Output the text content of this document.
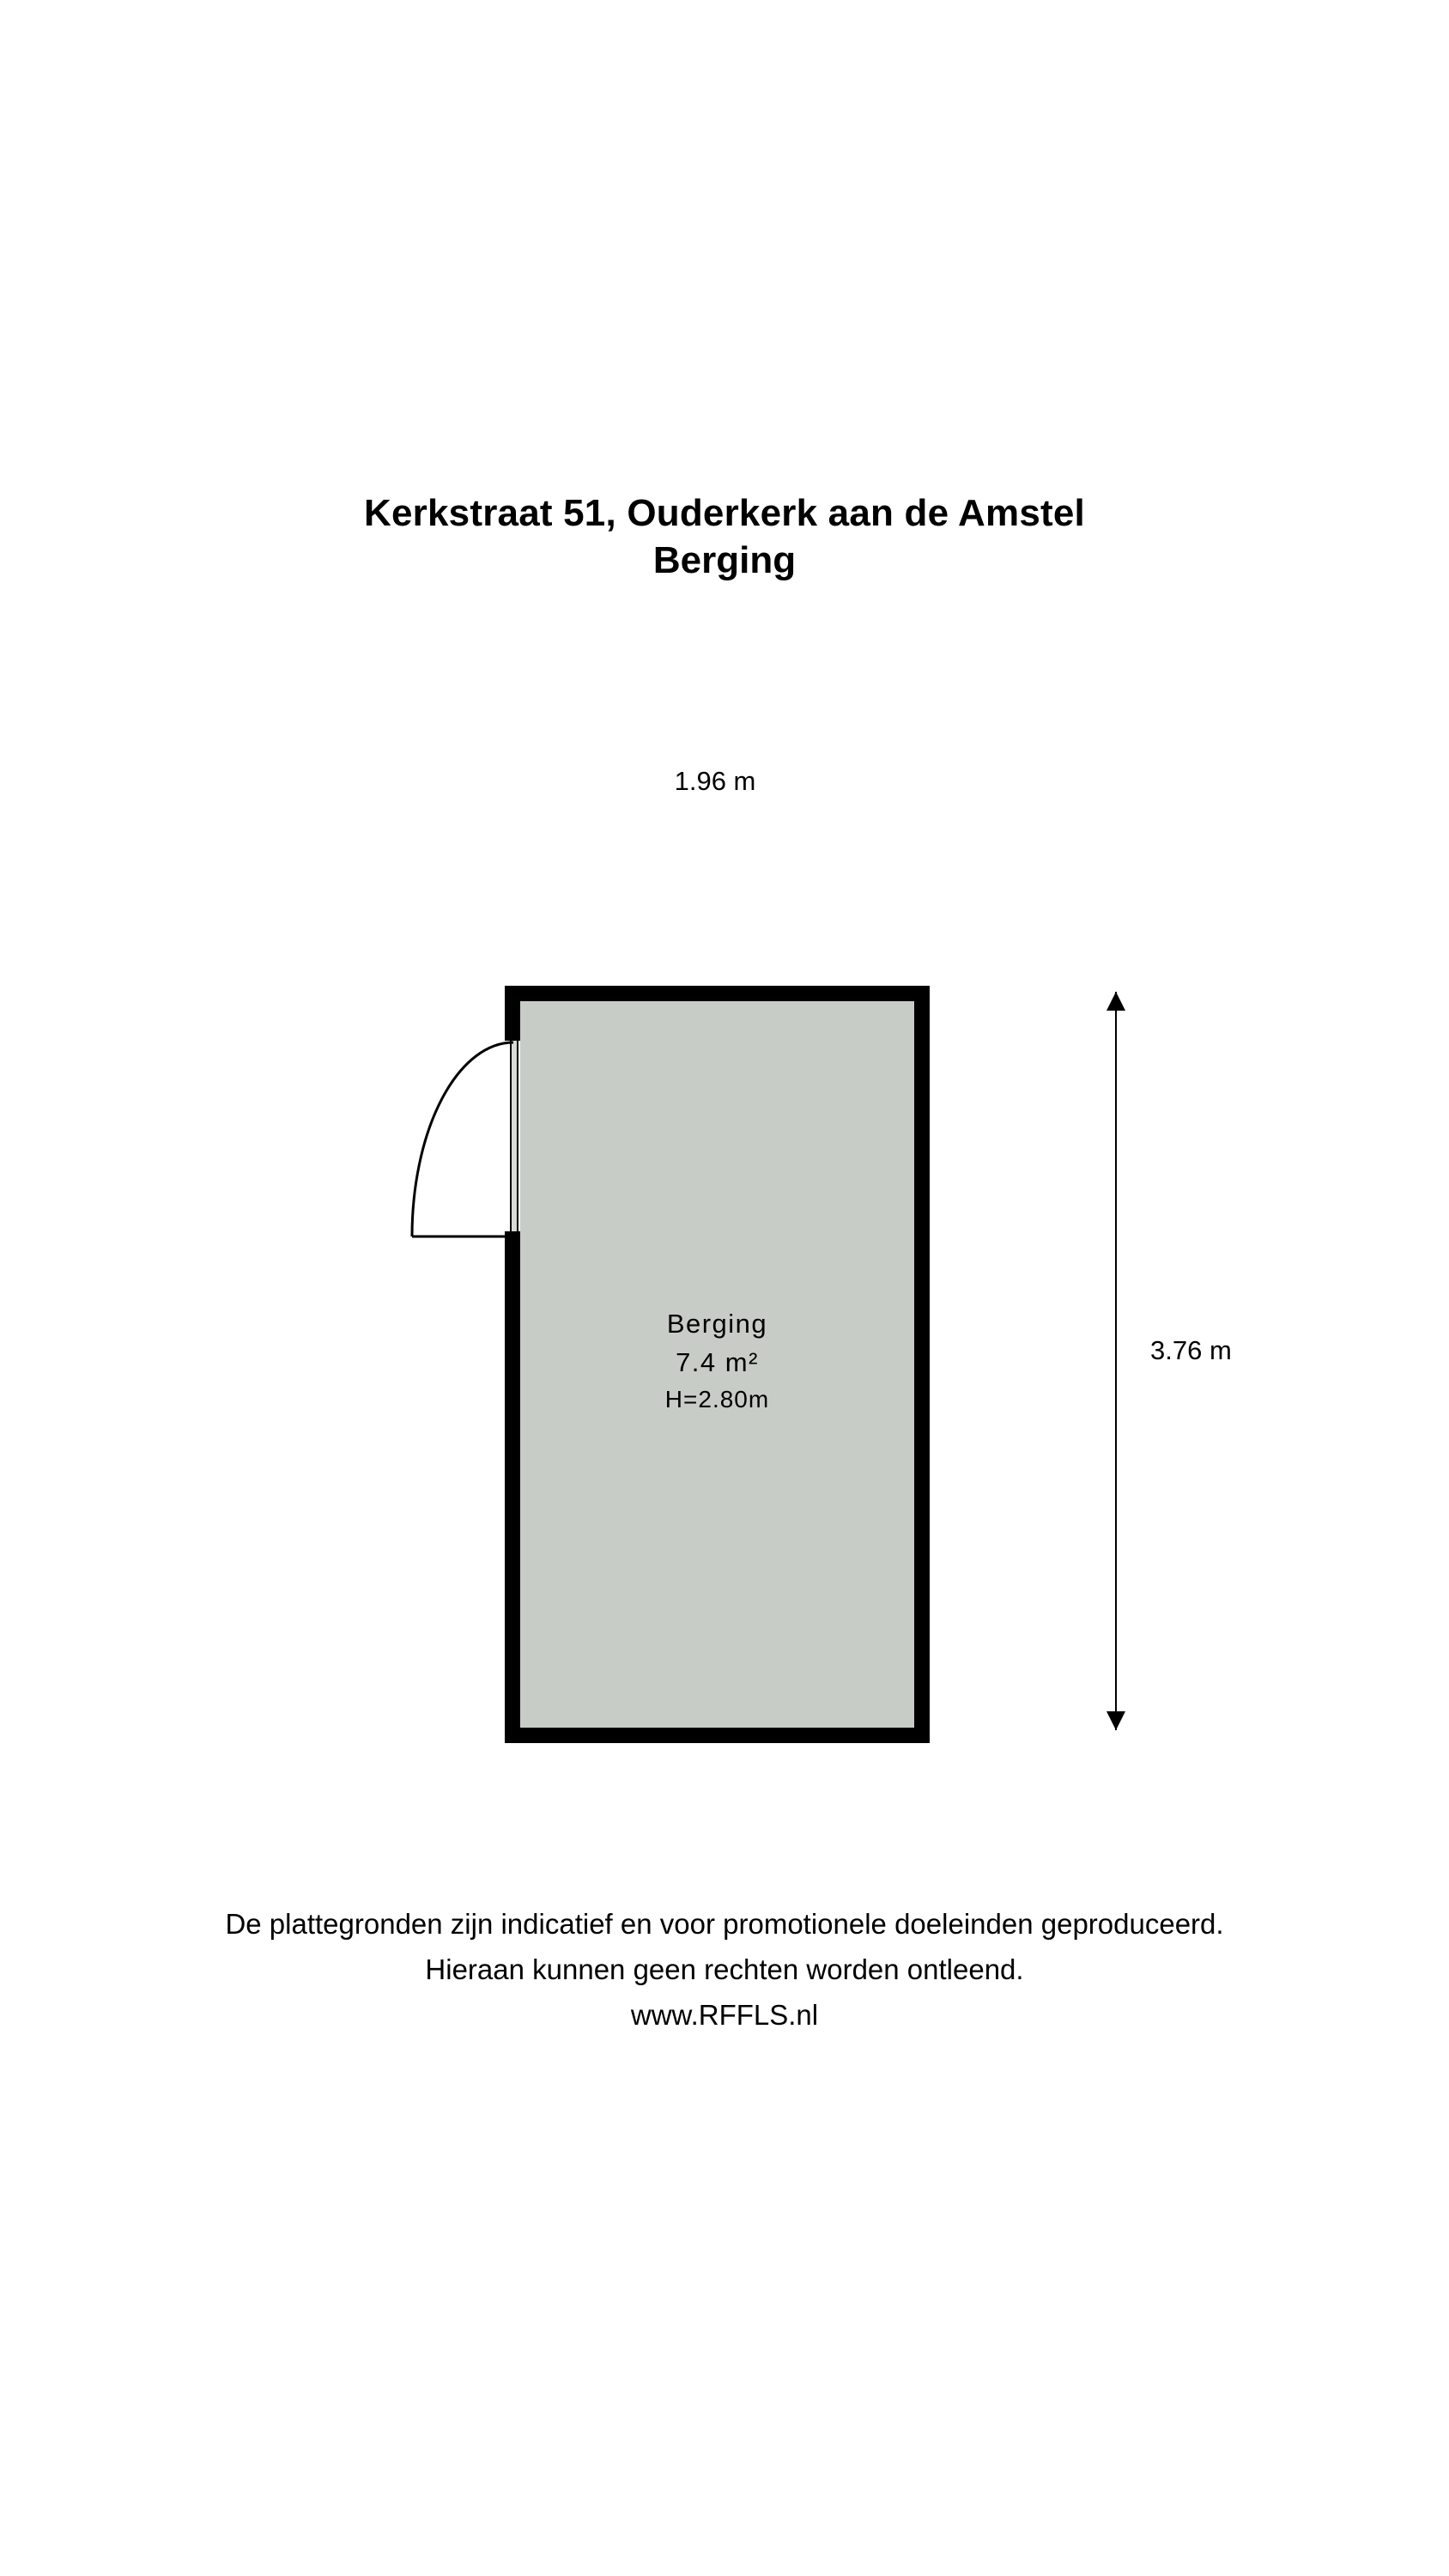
Kerkstraat 51, Ouderkerk aan de Amstel
Berging
1.96 m
3.76 m
Berging
7.4 m²
H=2.80m
De plattegronden zijn indicatief en voor promotionele doeleinden geproduceerd.
Hieraan kunnen geen rechten worden ontleend.
www.RFFLS.nl
